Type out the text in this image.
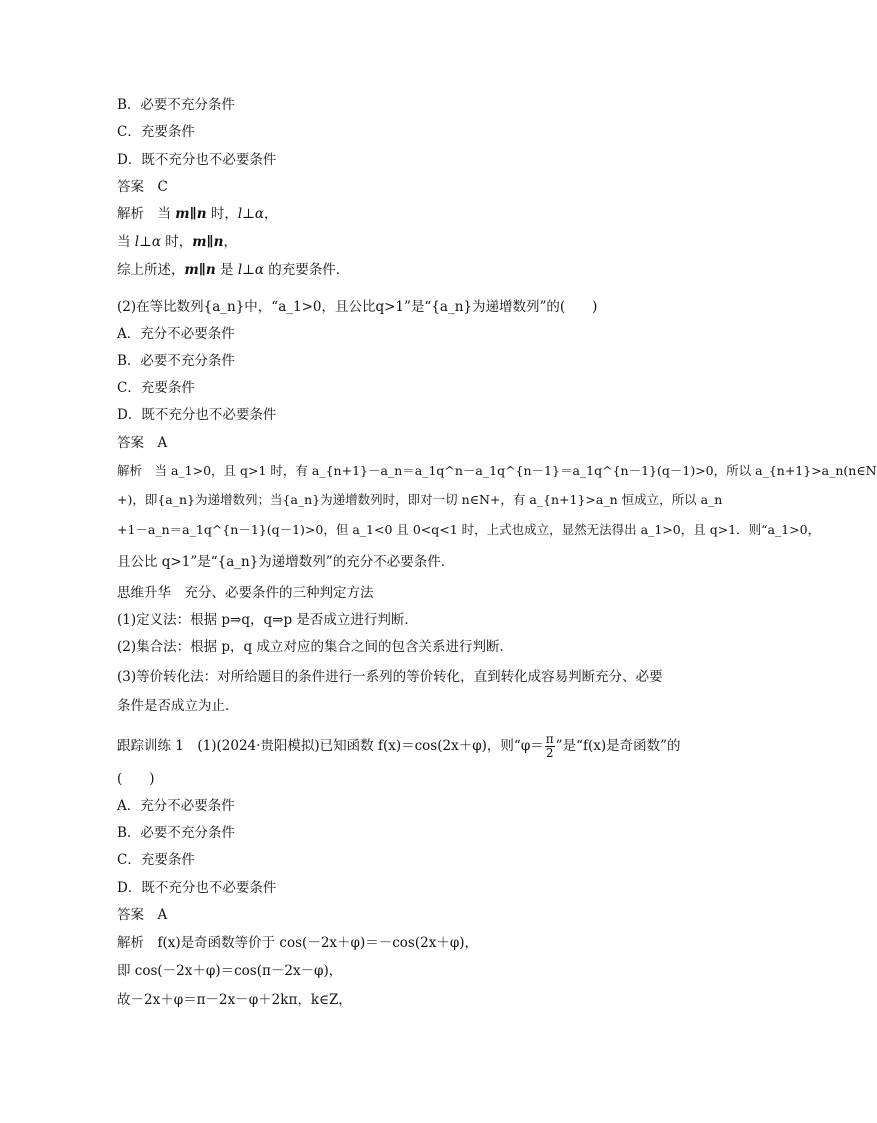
B．必要不充分条件
C．充要条件
D．既不充分也不必要条件
答案　C
解析　当 m∥n 时，l⊥α，
当 l⊥α 时，m∥n，
综上所述，m∥n 是 l⊥α 的充要条件．
(2)在等比数列{a_n}中，“a_1>0，且公比q>1”是“{a_n}为递增数列”的(　　)
A．充分不必要条件
B．必要不充分条件
C．充要条件
D．既不充分也不必要条件
答案　A
解析　当 a_1>0，且 q>1 时，有 a_{n+1}－a_n＝a_1q^n－a_1q^{n－1}＝a_1q^{n－1}(q－1)>0，所以 a_{n+1}>a_n(n∈N
+)，即{a_n}为递增数列；当{a_n}为递增数列时，即对一切 n∈N+，有 a_{n+1}>a_n 恒成立，所以 a_n
+1－a_n＝a_1q^{n－1}(q－1)>0，但 a_1<0 且 0<q<1 时，上式也成立，显然无法得出 a_1>0，且 q>1．则“a_1>0，
且公比 q>1”是“{a_n}为递增数列”的充分不必要条件．
思维升华　充分、必要条件的三种判定方法
(1)定义法：根据 p⇒q，q⇒p 是否成立进行判断．
(2)集合法：根据 p，q 成立对应的集合之间的包含关系进行判断．
(3)等价转化法：对所给题目的条件进行一系列的等价转化，直到转化成容易判断充分、必要
条件是否成立为止．
跟踪训练 1　(1)(2024·贵阳模拟)已知函数 f(x)＝cos(2x＋φ)，则“$\varphi= \frac{\pi}{2}$ ”是“f(x)是奇函数”的
(　　)
A．充分不必要条件
B．必要不充分条件
C．充要条件
D．既不充分也不必要条件
答案　A
解析　f(x)是奇函数等价于 cos(－2x＋φ)＝－cos(2x＋φ)，
即 cos(－2x＋φ)＝cos(π－2x－φ)，
故－2x＋φ＝π－2x－φ＋2kπ，k∈Z，
